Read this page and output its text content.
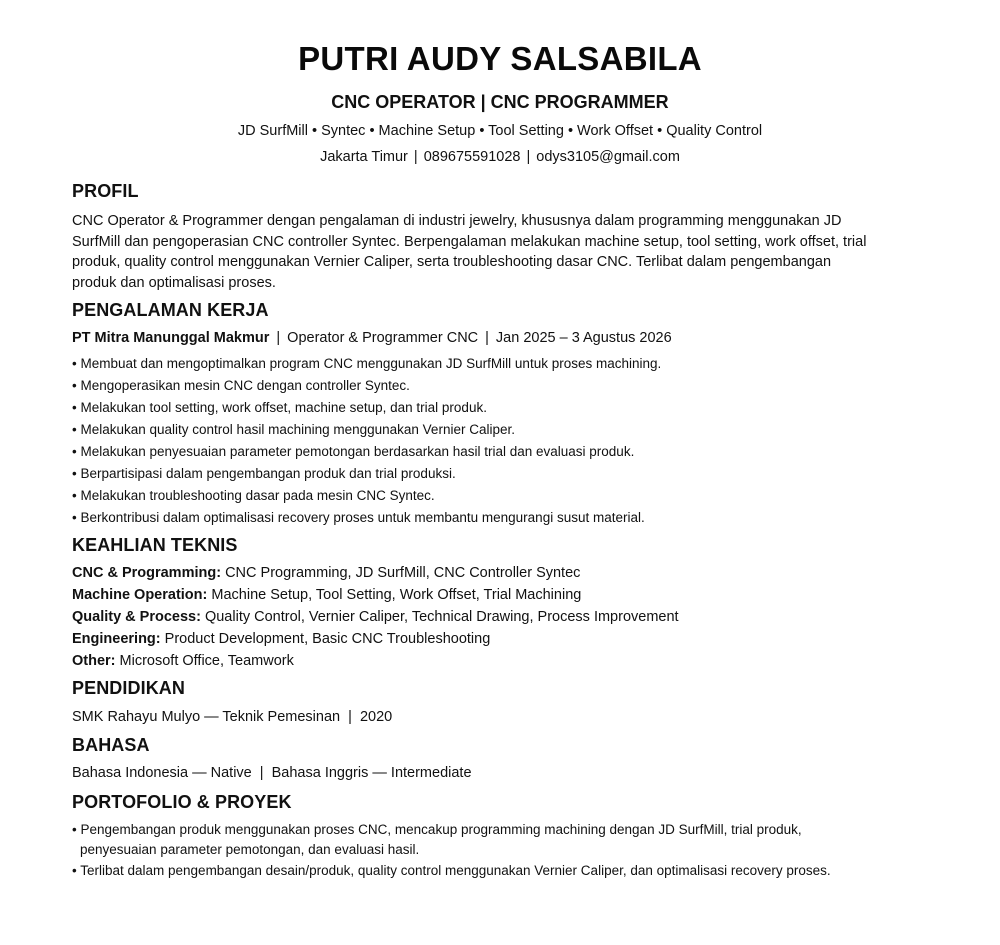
PUTRI AUDY SALSABILA
CNC OPERATOR | CNC PROGRAMMER
JD SurfMill • Syntec • Machine Setup • Tool Setting • Work Offset • Quality Control
Jakarta Timur | 089675591028 | odys3105@gmail.com
PROFIL
CNC Operator & Programmer dengan pengalaman di industri jewelry, khususnya dalam programming menggunakan JD
SurfMill dan pengoperasian CNC controller Syntec. Berpengalaman melakukan machine setup, tool setting, work offset, trial
produk, quality control menggunakan Vernier Caliper, serta troubleshooting dasar CNC. Terlibat dalam pengembangan
produk dan optimalisasi proses.
PENGALAMAN KERJA
PT Mitra Manunggal Makmur | Operator & Programmer CNC | Jan 2025 – 3 Agustus 2026
• Membuat dan mengoptimalkan program CNC menggunakan JD SurfMill untuk proses machining.
• Mengoperasikan mesin CNC dengan controller Syntec.
• Melakukan tool setting, work offset, machine setup, dan trial produk.
• Melakukan quality control hasil machining menggunakan Vernier Caliper.
• Melakukan penyesuaian parameter pemotongan berdasarkan hasil trial dan evaluasi produk.
• Berpartisipasi dalam pengembangan produk dan trial produksi.
• Melakukan troubleshooting dasar pada mesin CNC Syntec.
• Berkontribusi dalam optimalisasi recovery proses untuk membantu mengurangi susut material.
KEAHLIAN TEKNIS
CNC & Programming: CNC Programming, JD SurfMill, CNC Controller Syntec
Machine Operation: Machine Setup, Tool Setting, Work Offset, Trial Machining
Quality & Process: Quality Control, Vernier Caliper, Technical Drawing, Process Improvement
Engineering: Product Development, Basic CNC Troubleshooting
Other: Microsoft Office, Teamwork
PENDIDIKAN
SMK Rahayu Mulyo — Teknik Pemesinan  |  2020
BAHASA
Bahasa Indonesia — Native  |  Bahasa Inggris — Intermediate
PORTOFOLIO & PROYEK
• Pengembangan produk menggunakan proses CNC, mencakup programming machining dengan JD SurfMill, trial produk,
penyesuaian parameter pemotongan, dan evaluasi hasil.
• Terlibat dalam pengembangan desain/produk, quality control menggunakan Vernier Caliper, dan optimalisasi recovery proses.
